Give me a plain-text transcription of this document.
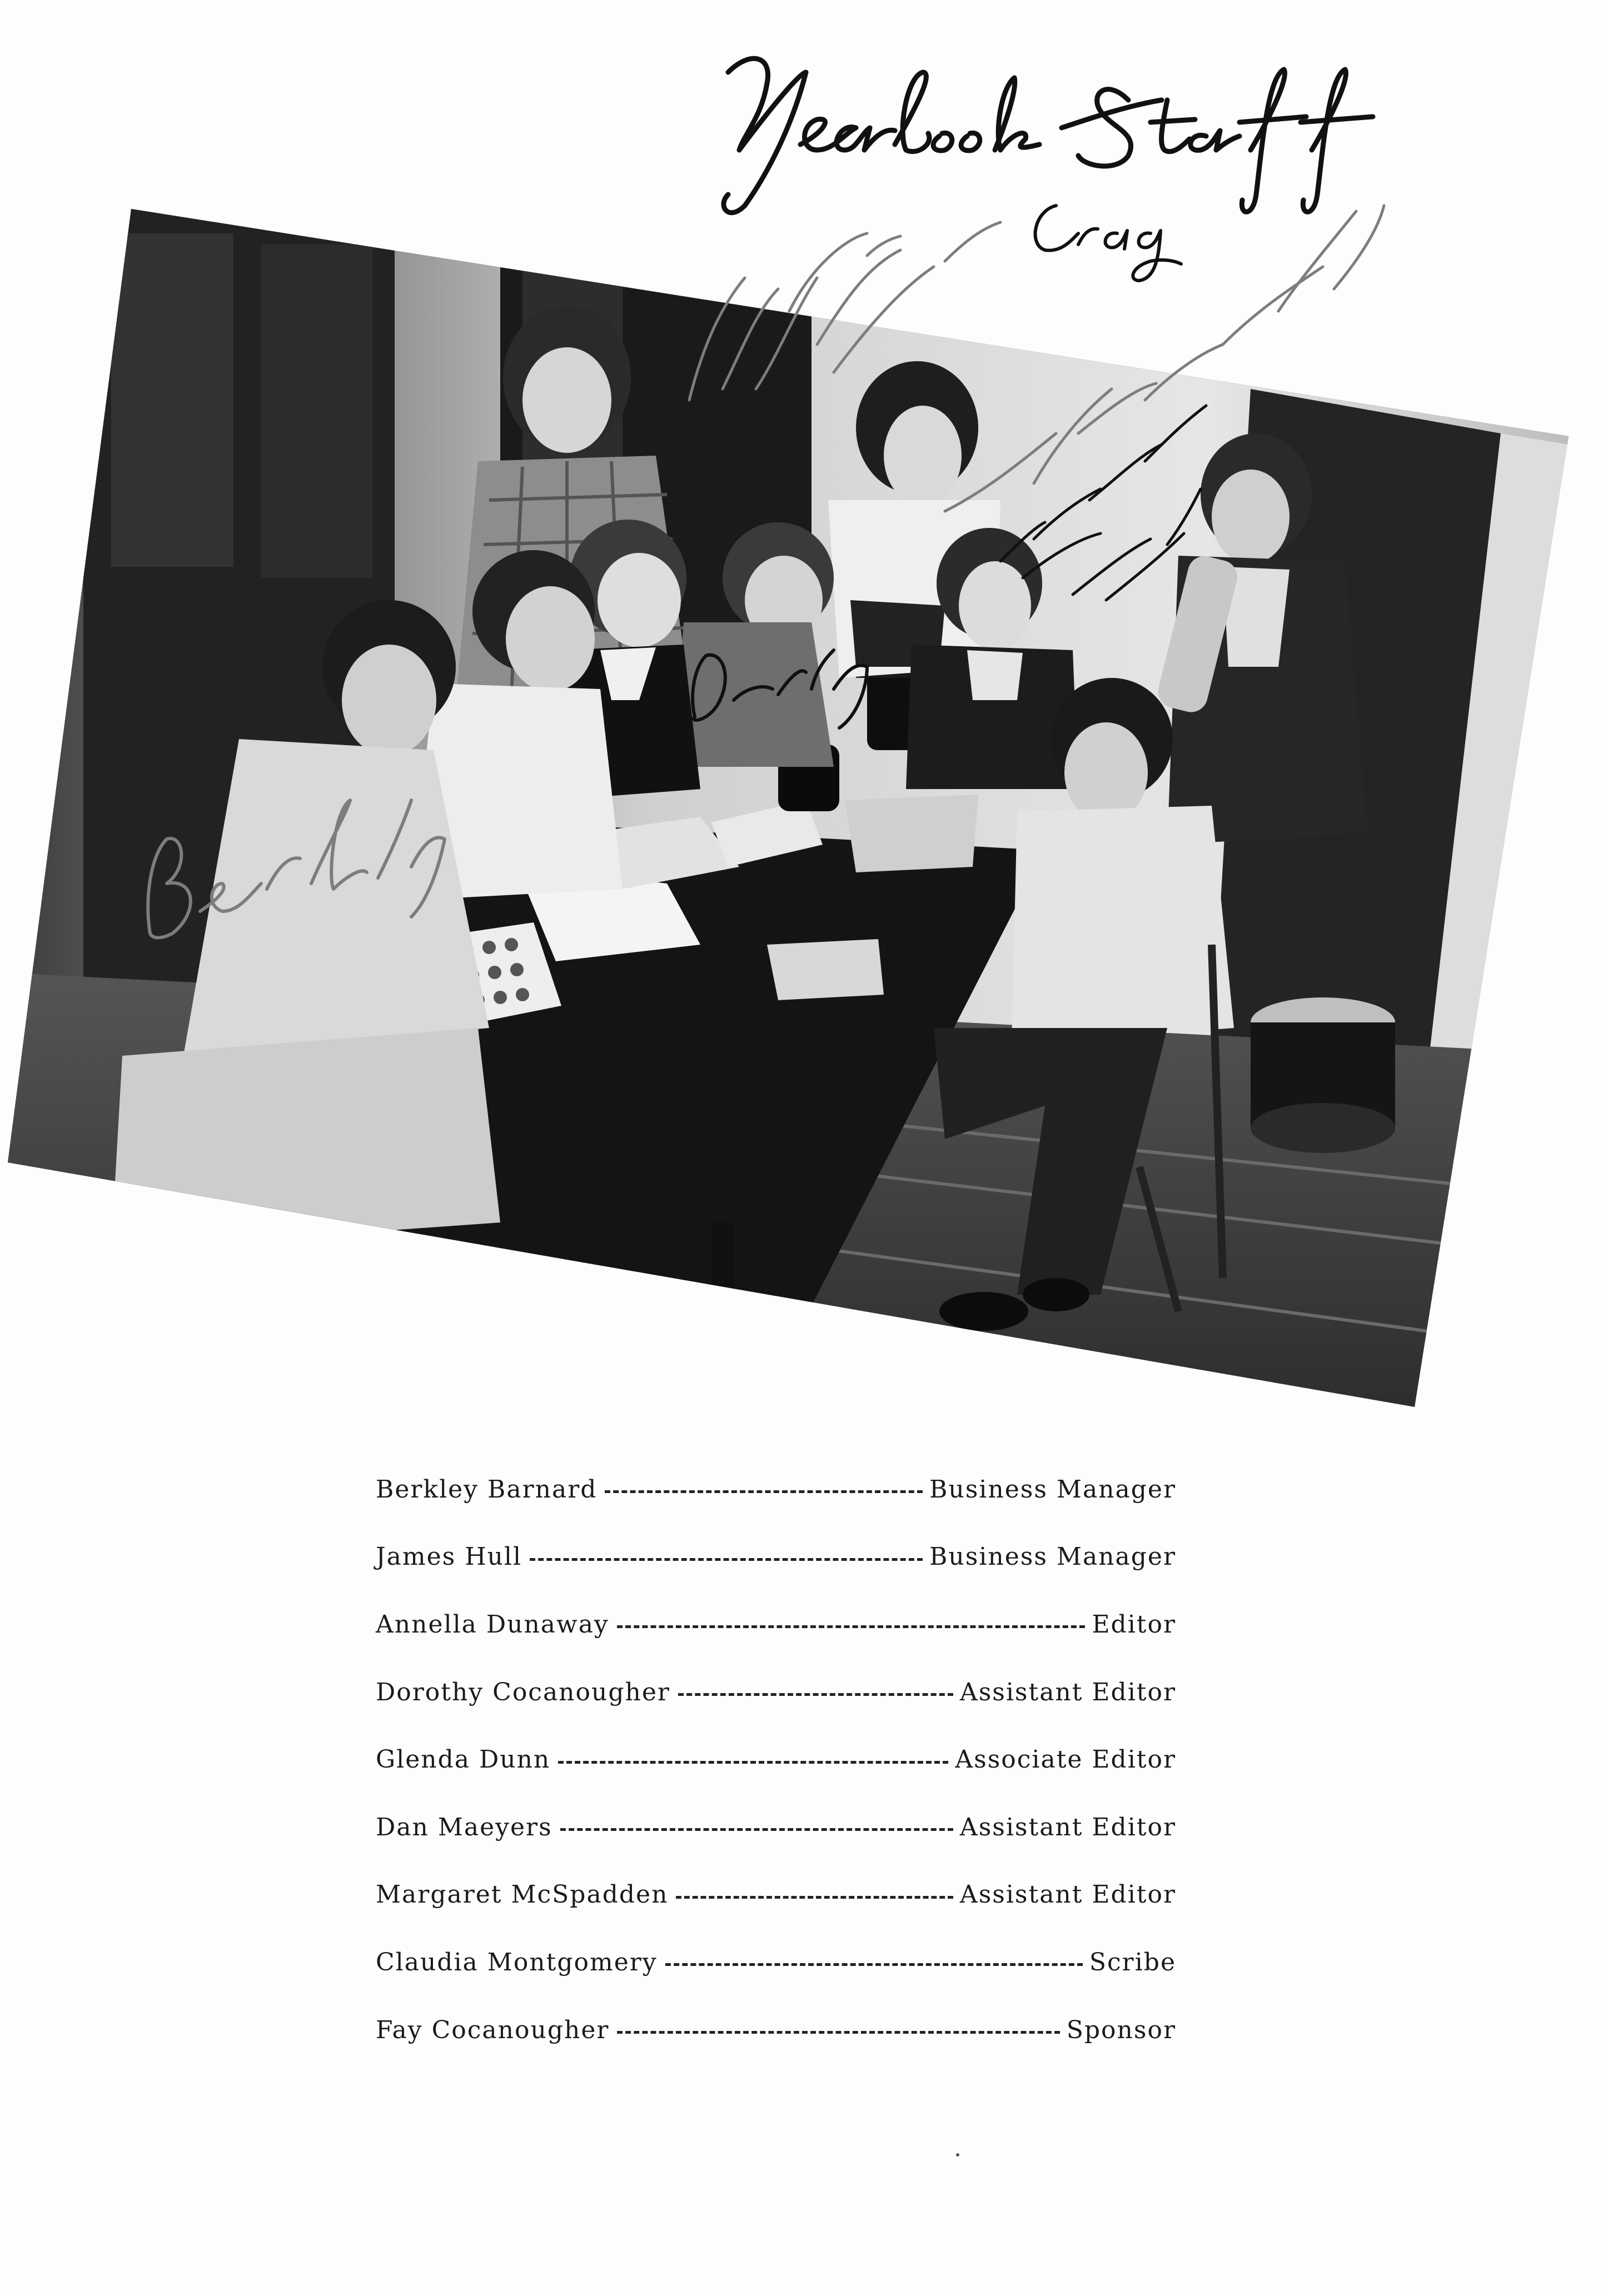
Berkley Barnard	Business Manager
James Hull	Business Manager
Annella Dunaway	Editor
Dorothy Cocanougher	Assistant Editor
Glenda Dunn	Associate Editor
Dan Maeyers	Assistant Editor
Margaret McSpadden	Assistant Editor
Claudia Montgomery	Scribe
Fay Cocanougher	Sponsor
